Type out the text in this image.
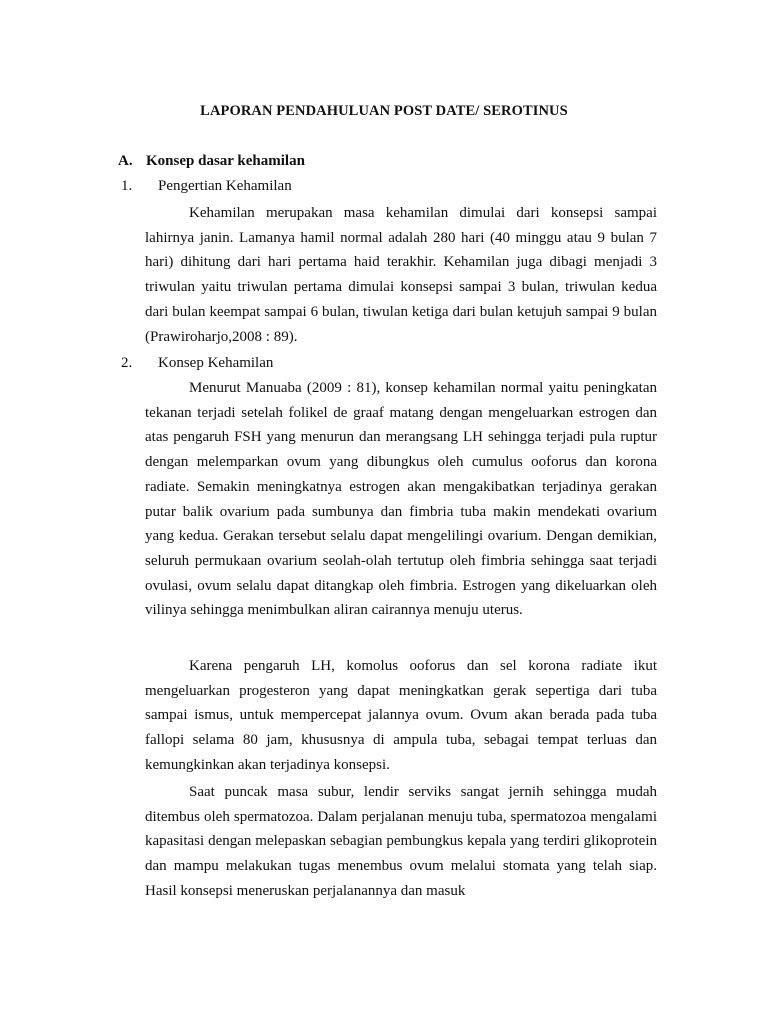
LAPORAN PENDAHULUAN POST DATE/ SEROTINUS
A. Konsep dasar kehamilan
1. Pengertian Kehamilan

Kehamilan merupakan masa kehamilan dimulai dari konsepsi sampai lahirnya janin. Lamanya hamil normal adalah 280 hari (40 minggu atau 9 bulan 7 hari) dihitung dari hari pertama haid terakhir. Kehamilan juga dibagi menjadi 3 triwulan yaitu triwulan pertama dimulai konsepsi sampai 3 bulan, triwulan kedua dari bulan keempat sampai 6 bulan, tiwulan ketiga dari bulan ketujuh sampai 9 bulan (Prawiroharjo,2008 : 89).

2. Konsep Kehamilan

Menurut Manuaba (2009 : 81), konsep kehamilan normal yaitu peningkatan tekanan terjadi setelah folikel de graaf matang dengan mengeluarkan estrogen dan atas pengaruh FSH yang menurun dan merangsang LH sehingga terjadi pula ruptur dengan melemparkan ovum yang dibungkus oleh cumulus ooforus dan korona radiate. Semakin meningkatnya estrogen akan mengakibatkan terjadinya gerakan putar balik ovarium pada sumbunya dan fimbria tuba makin mendekati ovarium yang kedua. Gerakan tersebut selalu dapat mengelilingi ovarium. Dengan demikian, seluruh permukaan ovarium seolah-olah tertutup oleh fimbria sehingga saat terjadi ovulasi, ovum selalu dapat ditangkap oleh fimbria. Estrogen yang dikeluarkan oleh vilinya sehingga menimbulkan aliran cairannya menuju uterus.

Karena pengaruh LH, komolus ooforus dan sel korona radiate ikut mengeluarkan progesteron yang dapat meningkatkan gerak sepertiga dari tuba sampai ismus, untuk mempercepat jalannya ovum. Ovum akan berada pada tuba fallopi selama 80 jam, khususnya di ampula tuba, sebagai tempat terluas dan kemungkinkan akan terjadinya konsepsi.

Saat puncak masa subur, lendir serviks sangat jernih sehingga mudah ditembus oleh spermatozoa. Dalam perjalanan menuju tuba, spermatozoa mengalami kapasitasi dengan melepaskan sebagian pembungkus kepala yang terdiri glikoprotein dan mampu melakukan tugas menembus ovum melalui stomata yang telah siap. Hasil konsepsi meneruskan perjalanannya dan masuk
